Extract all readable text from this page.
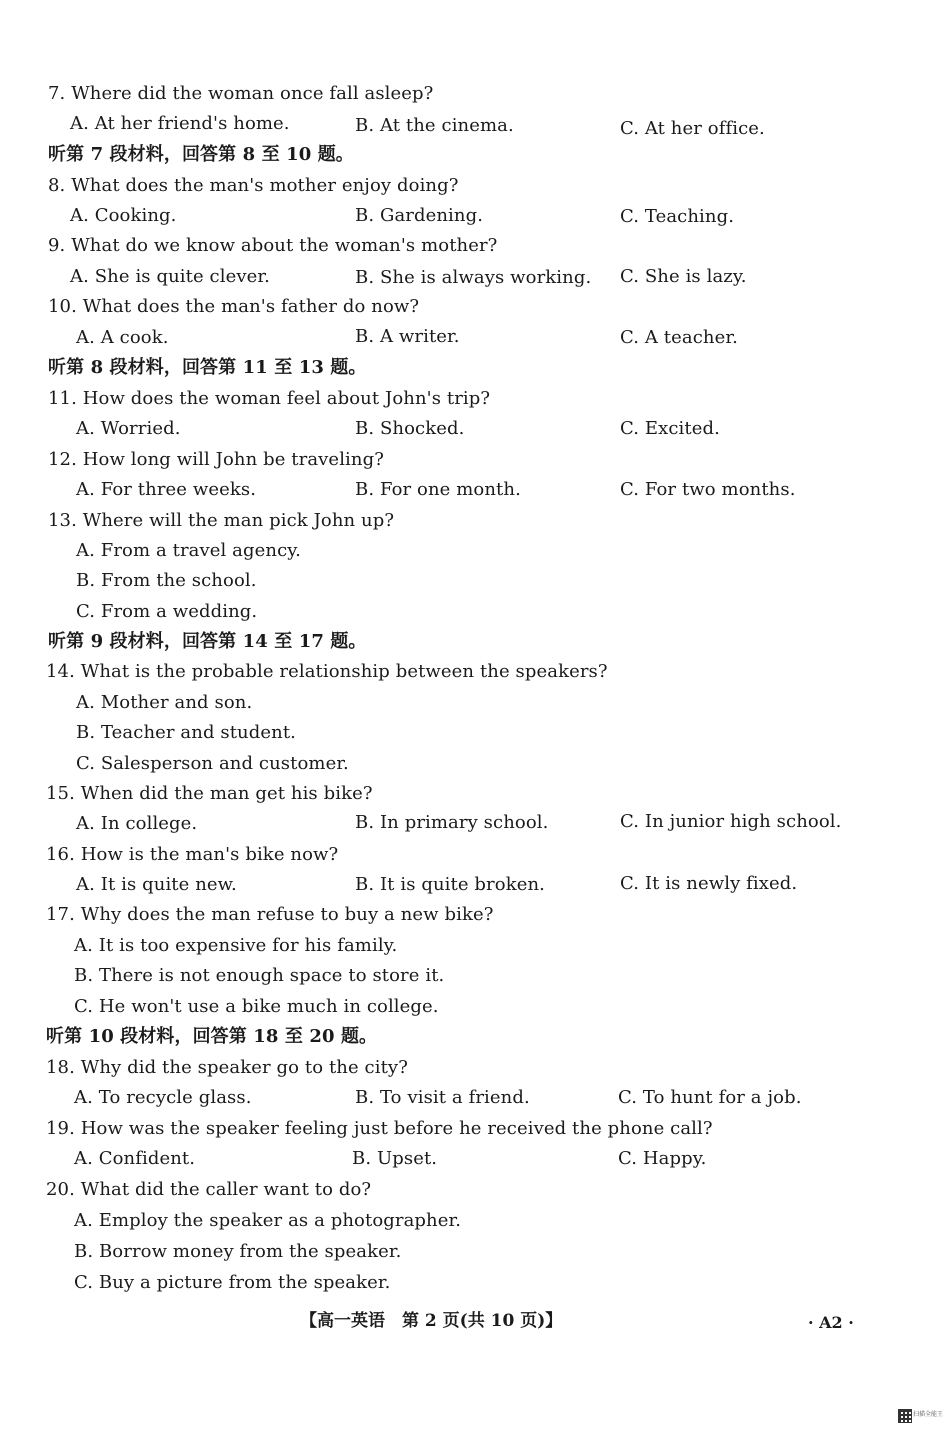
7. Where did the woman once fall asleep?
A. At her friend's home.	B. At the cinema.	C. At her office.
听第 7 段材料，回答第 8 至 10 题。
8. What does the man's mother enjoy doing?
A. Cooking.	B. Gardening.	C. Teaching.
9. What do we know about the woman's mother?
A. She is quite clever.	B. She is always working. C. She is lazy.
10. What does the man's father do now?
A. A cook.	B. A writer.	C. A teacher.
听第 8 段材料，回答第 11 至 13 题。
11. How does the woman feel about John's trip?
A. Worried.	B. Shocked.	C. Excited.
12. How long will John be traveling?
A. For three weeks.	B. For one month.	C. For two months.
13. Where will the man pick John up?
A. From a travel agency.
B. From the school.
C. From a wedding.
听第 9 段材料，回答第 14 至 17 题。
14. What is the probable relationship between the speakers?
A. Mother and son.
B. Teacher and student.
C. Salesperson and customer.
15. When did the man get his bike?
A. In college.	B. In primary school.	C. In junior high school.
16. How is the man's bike now?
A. It is quite new.	B. It is quite broken.	C. It is newly fixed.
17. Why does the man refuse to buy a new bike?
A. It is too expensive for his family.
B. There is not enough space to store it.
C. He won't use a bike much in college.
听第 10 段材料，回答第 18 至 20 题。
18. Why did the speaker go to the city?
A. To recycle glass.	B. To visit a friend.	C. To hunt for a job.
19. How was the speaker feeling just before he received the phone call?
A. Confident.	B. Upset.	C. Happy.
20. What did the caller want to do?
A. Employ the speaker as a photographer.
B. Borrow money from the speaker.
C. Buy a picture from the speaker.
【高一英语　第 2 页(共 10 页)】	· A2 ·
扫描全能王
